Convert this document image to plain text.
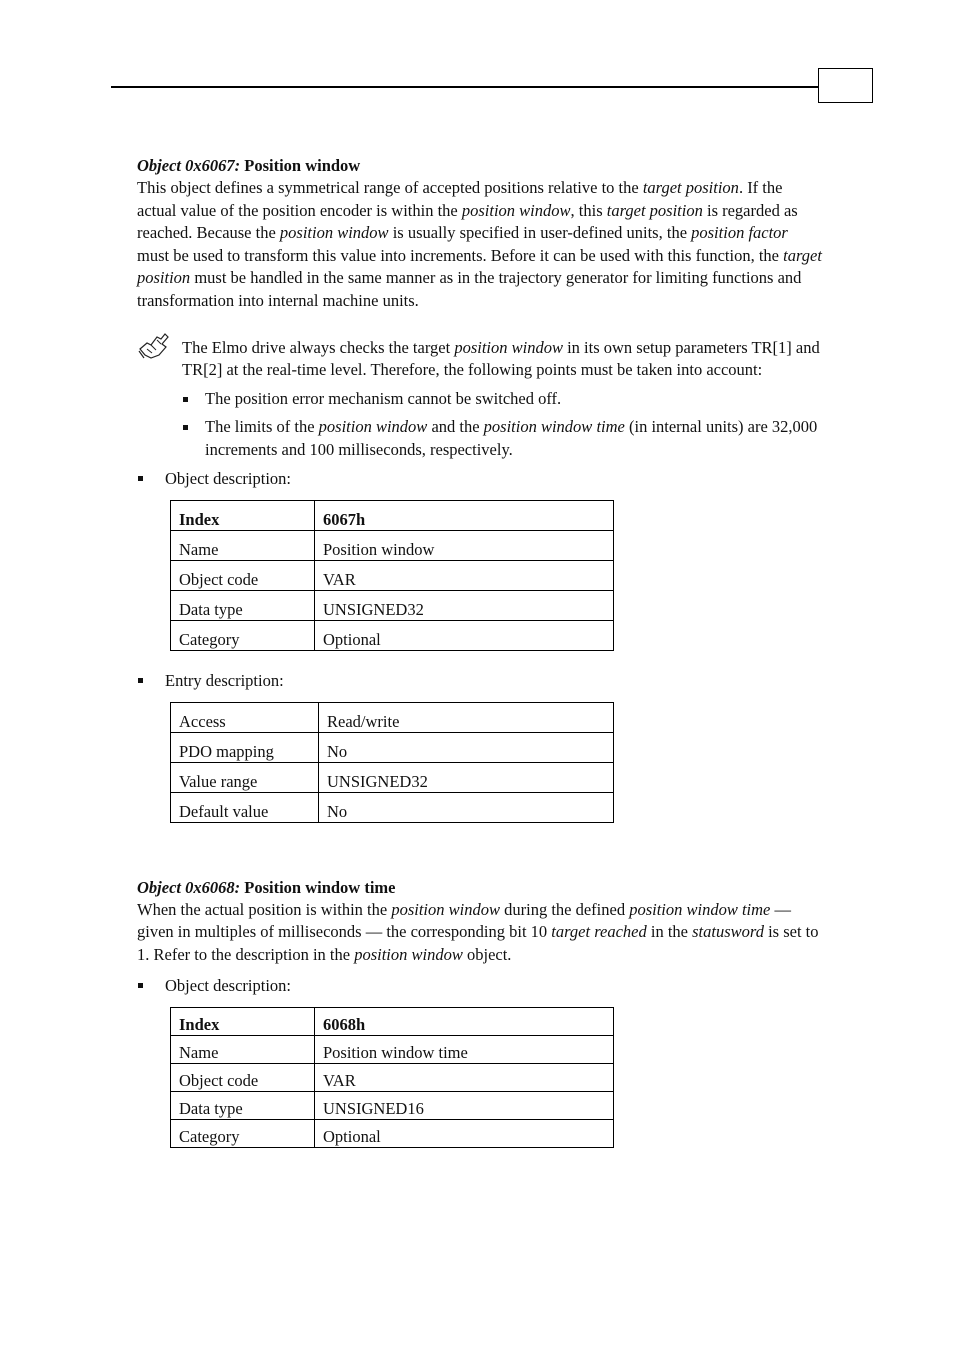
Object 0x6067: Position window

This object defines a symmetrical range of accepted positions relative to the target position. If the actual value of the position encoder is within the position window, this target position is regarded as reached. Because the position window is usually specified in user-defined units, the position factor must be used to transform this value into increments. Before it can be used with this function, the target position must be handled in the same manner as in the trajectory generator for limiting functions and transformation into internal machine units.

The Elmo drive always checks the target position window in its own setup parameters TR[1] and TR[2] at the real-time level. Therefore, the following points must be taken into account:

The position error mechanism cannot be switched off.
The limits of the position window and the position window time (in internal units) are 32,000 increments and 100 milliseconds, respectively.
Object description:
Index	6067h
Name	Position window
Object code	VAR
Data type	UNSIGNED32
Category	Optional
Entry description:
Access	Read/write
PDO mapping	No
Value range	UNSIGNED32
Default value	No
Object 0x6068: Position window time

When the actual position is within the position window during the defined position window time — given in multiples of milliseconds — the corresponding bit 10 target reached in the statusword is set to 1. Refer to the description in the position window object.

Object description:
Index	6068h
Name	Position window time
Object code	VAR
Data type	UNSIGNED16
Category	Optional
